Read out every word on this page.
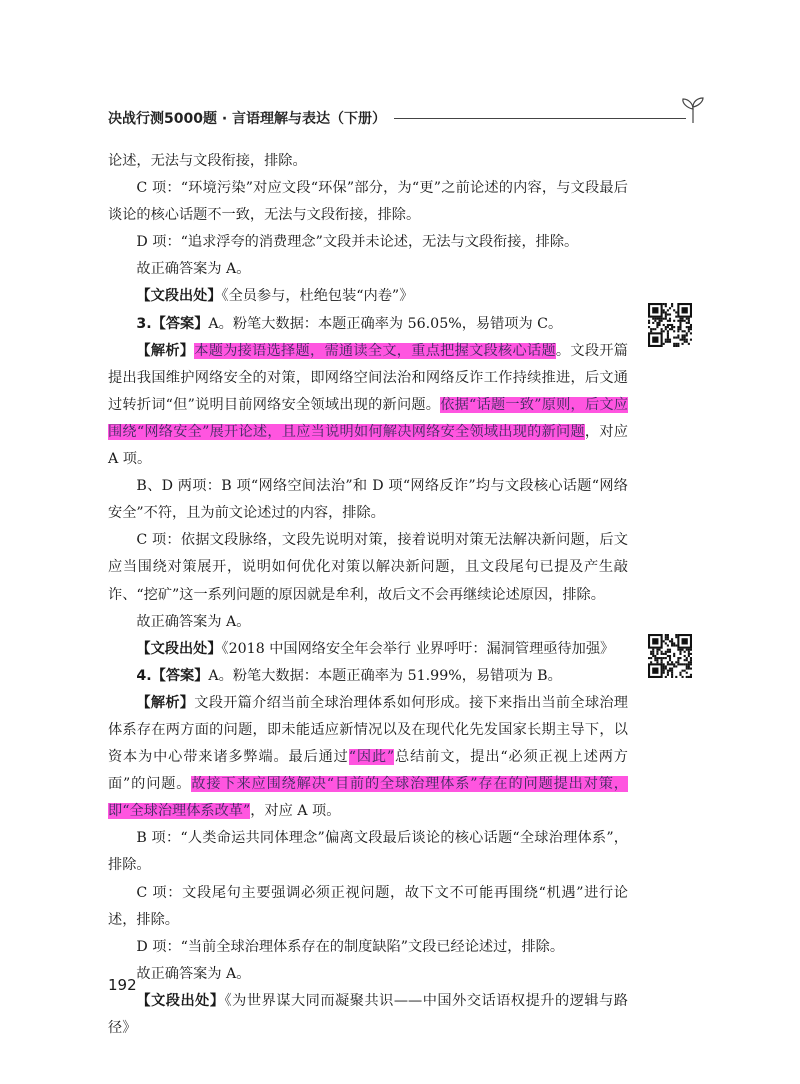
决战行测5000题 · 言语理解与表达（下册）

论述，无法与文段衔接，排除。

C 项：“环境污染”对应文段“环保”部分，为“更”之前论述的内容，与文段最后谈论的核心话题不一致，无法与文段衔接，排除。

D 项：“追求浮夸的消费理念”文段并未论述，无法与文段衔接，排除。

故正确答案为 A。

【文段出处】《全员参与，杜绝包装“内卷”》

3.【答案】A。粉笔大数据：本题正确率为 56.05%，易错项为 C。

【解析】本题为接语选择题，需通读全文，重点把握文段核心话题。文段开篇提出我国维护网络安全的对策，即网络空间法治和网络反诈工作持续推进，后文通过转折词“但”说明目前网络安全领域出现的新问题。依据“话题一致”原则，后文应围绕“网络安全”展开论述，且应当说明如何解决网络安全领域出现的新问题，对应 A 项。

B、D 两项：B 项“网络空间法治”和 D 项“网络反诈”均与文段核心话题“网络安全”不符，且为前文论述过的内容，排除。

C 项：依据文段脉络，文段先说明对策，接着说明对策无法解决新问题，后文应当围绕对策展开，说明如何优化对策以解决新问题，且文段尾句已提及产生敲诈、“挖矿”这一系列问题的原因就是牟利，故后文不会再继续论述原因，排除。

故正确答案为 A。

【文段出处】《2018 中国网络安全年会举行 业界呼吁：漏洞管理亟待加强》

4.【答案】A。粉笔大数据：本题正确率为 51.99%，易错项为 B。

【解析】文段开篇介绍当前全球治理体系如何形成。接下来指出当前全球治理体系存在两方面的问题，即未能适应新情况以及在现代化先发国家长期主导下，以资本为中心带来诸多弊端。最后通过“因此”总结前文，提出“必须正视上述两方面”的问题。故接下来应围绕解决“目前的全球治理体系”存在的问题提出对策，即“全球治理体系改革”，对应 A 项。

B 项：“人类命运共同体理念”偏离文段最后谈论的核心话题“全球治理体系”，排除。

C 项：文段尾句主要强调必须正视问题，故下文不可能再围绕“机遇”进行论述，排除。

D 项：“当前全球治理体系存在的制度缺陷”文段已经论述过，排除。

故正确答案为 A。

【文段出处】《为世界谋大同而凝聚共识——中国外交话语权提升的逻辑与路径》

192
